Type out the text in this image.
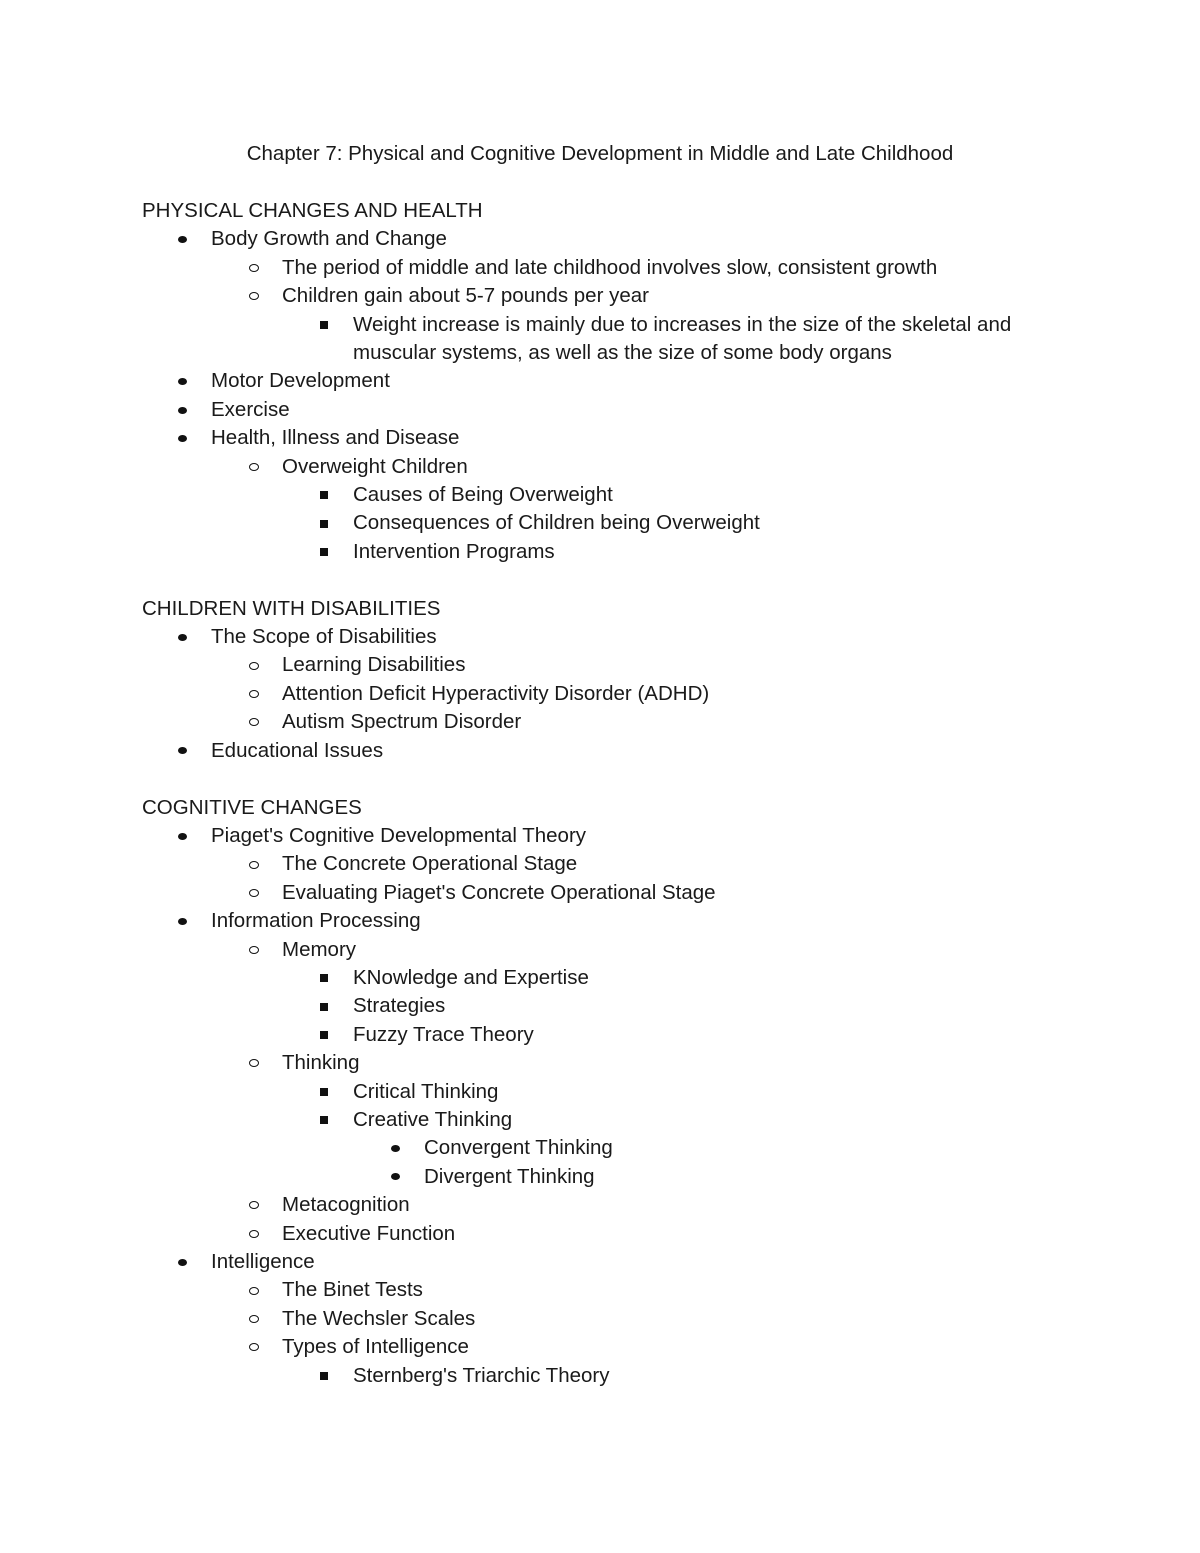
Chapter 7: Physical and Cognitive Development in Middle and Late Childhood
PHYSICAL CHANGES AND HEALTH
Body Growth and Change
The period of middle and late childhood involves slow, consistent growth
Children gain about 5-7 pounds per year
Weight increase is mainly due to increases in the size of the skeletal and muscular systems, as well as the size of some body organs
Motor Development
Exercise
Health, Illness and Disease
Overweight Children
Causes of Being Overweight
Consequences of Children being Overweight
Intervention Programs
CHILDREN WITH DISABILITIES
The Scope of Disabilities
Learning Disabilities
Attention Deficit Hyperactivity Disorder (ADHD)
Autism Spectrum Disorder
Educational Issues
COGNITIVE CHANGES
Piaget's Cognitive Developmental Theory
The Concrete Operational Stage
Evaluating Piaget's Concrete Operational Stage
Information Processing
Memory
KNowledge and Expertise
Strategies
Fuzzy Trace Theory
Thinking
Critical Thinking
Creative Thinking
Convergent Thinking
Divergent Thinking
Metacognition
Executive Function
Intelligence
The Binet Tests
The Wechsler Scales
Types of Intelligence
Sternberg's Triarchic Theory
